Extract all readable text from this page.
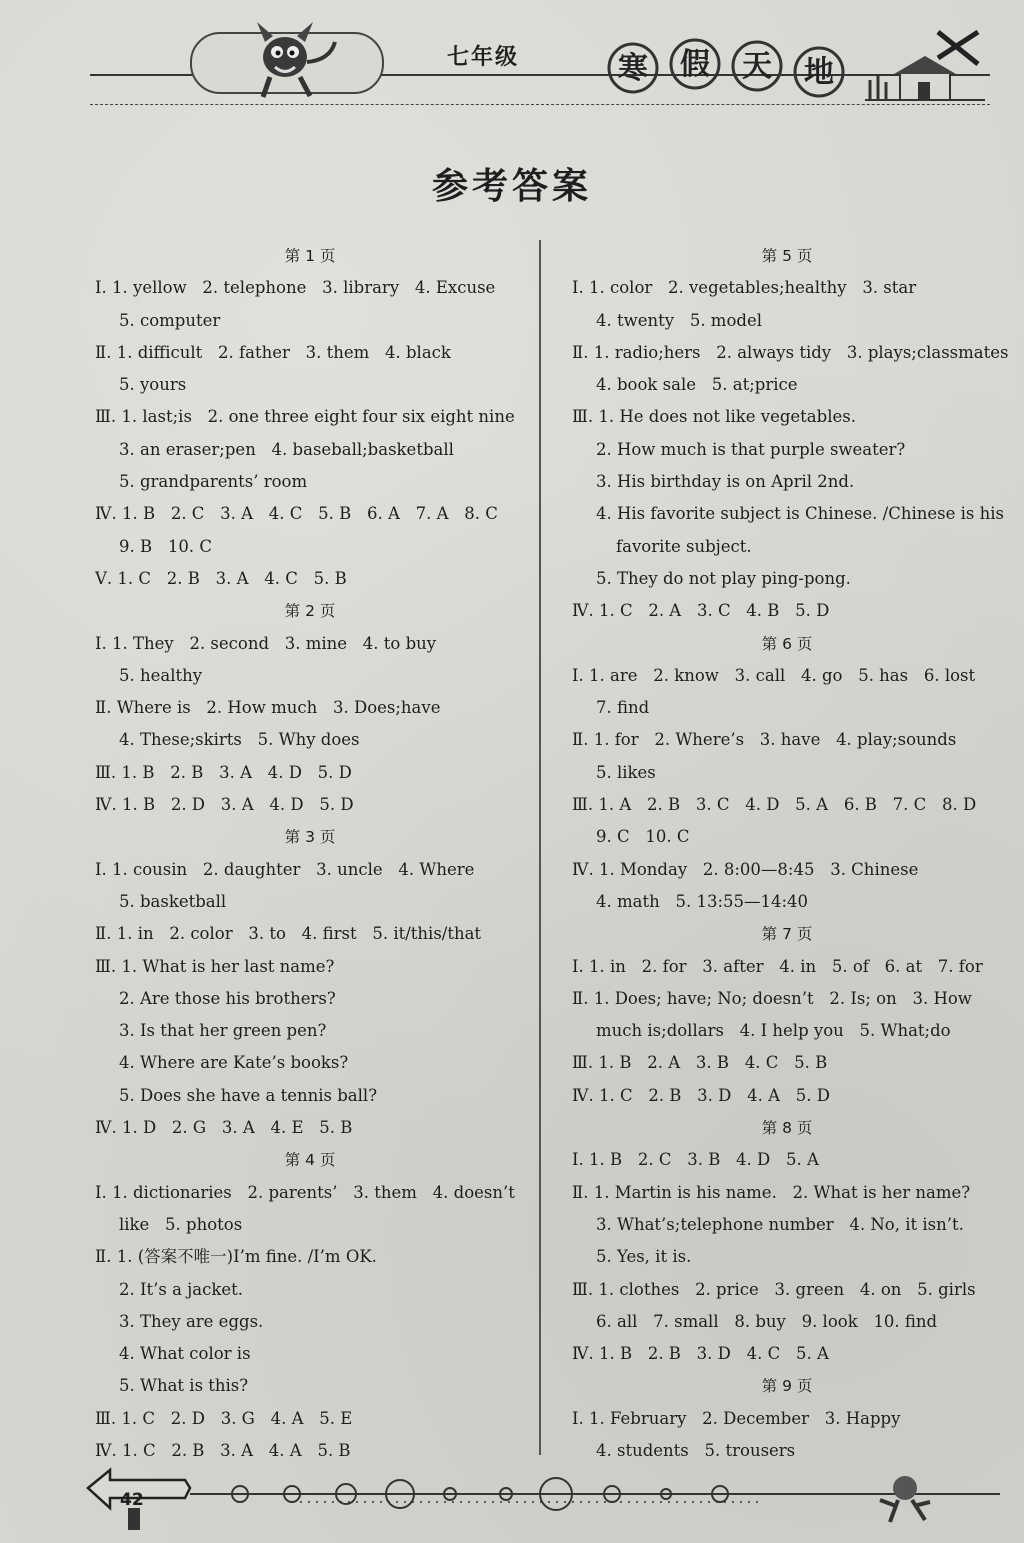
七年级	寒 假 天 地
参考答案
第 1 页
Ⅰ. 1. yellow   2. telephone   3. library   4. Excuse
5. computer
Ⅱ. 1. difficult   2. father   3. them   4. black
5. yours
Ⅲ. 1. last;is   2. one three eight four six eight nine
3. an eraser;pen   4. baseball;basketball
5. grandparents’ room
Ⅳ. 1. B   2. C   3. A   4. C   5. B   6. A   7. A   8. C
9. B   10. C
Ⅴ. 1. C   2. B   3. A   4. C   5. B
第 2 页
Ⅰ. 1. They   2. second   3. mine   4. to buy
5. healthy
Ⅱ. Where is   2. How much   3. Does;have
4. These;skirts   5. Why does
Ⅲ. 1. B   2. B   3. A   4. D   5. D
Ⅳ. 1. B   2. D   3. A   4. D   5. D
第 3 页
Ⅰ. 1. cousin   2. daughter   3. uncle   4. Where
5. basketball
Ⅱ. 1. in   2. color   3. to   4. first   5. it/this/that
Ⅲ. 1. What is her last name?
2. Are those his brothers?
3. Is that her green pen?
4. Where are Kate’s books?
5. Does she have a tennis ball?
Ⅳ. 1. D   2. G   3. A   4. E   5. B
第 4 页
Ⅰ. 1. dictionaries   2. parents’   3. them   4. doesn’t
like   5. photos
Ⅱ. 1. (答案不唯一)I’m fine. /I’m OK.
2. It’s a jacket.
3. They are eggs.
4. What color is
5. What is this?
Ⅲ. 1. C   2. D   3. G   4. A   5. E
Ⅳ. 1. C   2. B   3. A   4. A   5. B
第 5 页
Ⅰ. 1. color   2. vegetables;healthy   3. star
4. twenty   5. model
Ⅱ. 1. radio;hers   2. always tidy   3. plays;classmates
4. book sale   5. at;price
Ⅲ. 1. He does not like vegetables.
2. How much is that purple sweater?
3. His birthday is on April 2nd.
4. His favorite subject is Chinese. /Chinese is his
favorite subject.
5. They do not play ping-pong.
Ⅳ. 1. C   2. A   3. C   4. B   5. D
第 6 页
Ⅰ. 1. are   2. know   3. call   4. go   5. has   6. lost
7. find
Ⅱ. 1. for   2. Where’s   3. have   4. play;sounds
5. likes
Ⅲ. 1. A   2. B   3. C   4. D   5. A   6. B   7. C   8. D
9. C   10. C
Ⅳ. 1. Monday   2. 8:00—8:45   3. Chinese
4. math   5. 13:55—14:40
第 7 页
Ⅰ. 1. in   2. for   3. after   4. in   5. of   6. at   7. for
Ⅱ. 1. Does; have; No; doesn’t   2. Is; on   3. How
much is;dollars   4. I help you   5. What;do
Ⅲ. 1. B   2. A   3. B   4. C   5. B
Ⅳ. 1. C   2. B   3. D   4. A   5. D
第 8 页
Ⅰ. 1. B   2. C   3. B   4. D   5. A
Ⅱ. 1. Martin is his name.   2. What is her name?
3. What’s;telephone number   4. No, it isn’t.
5. Yes, it is.
Ⅲ. 1. clothes   2. price   3. green   4. on   5. girls
6. all   7. small   8. buy   9. look   10. find
Ⅳ. 1. B   2. B   3. D   4. C   5. A
第 9 页
Ⅰ. 1. February   2. December   3. Happy
4. students   5. trousers
42
